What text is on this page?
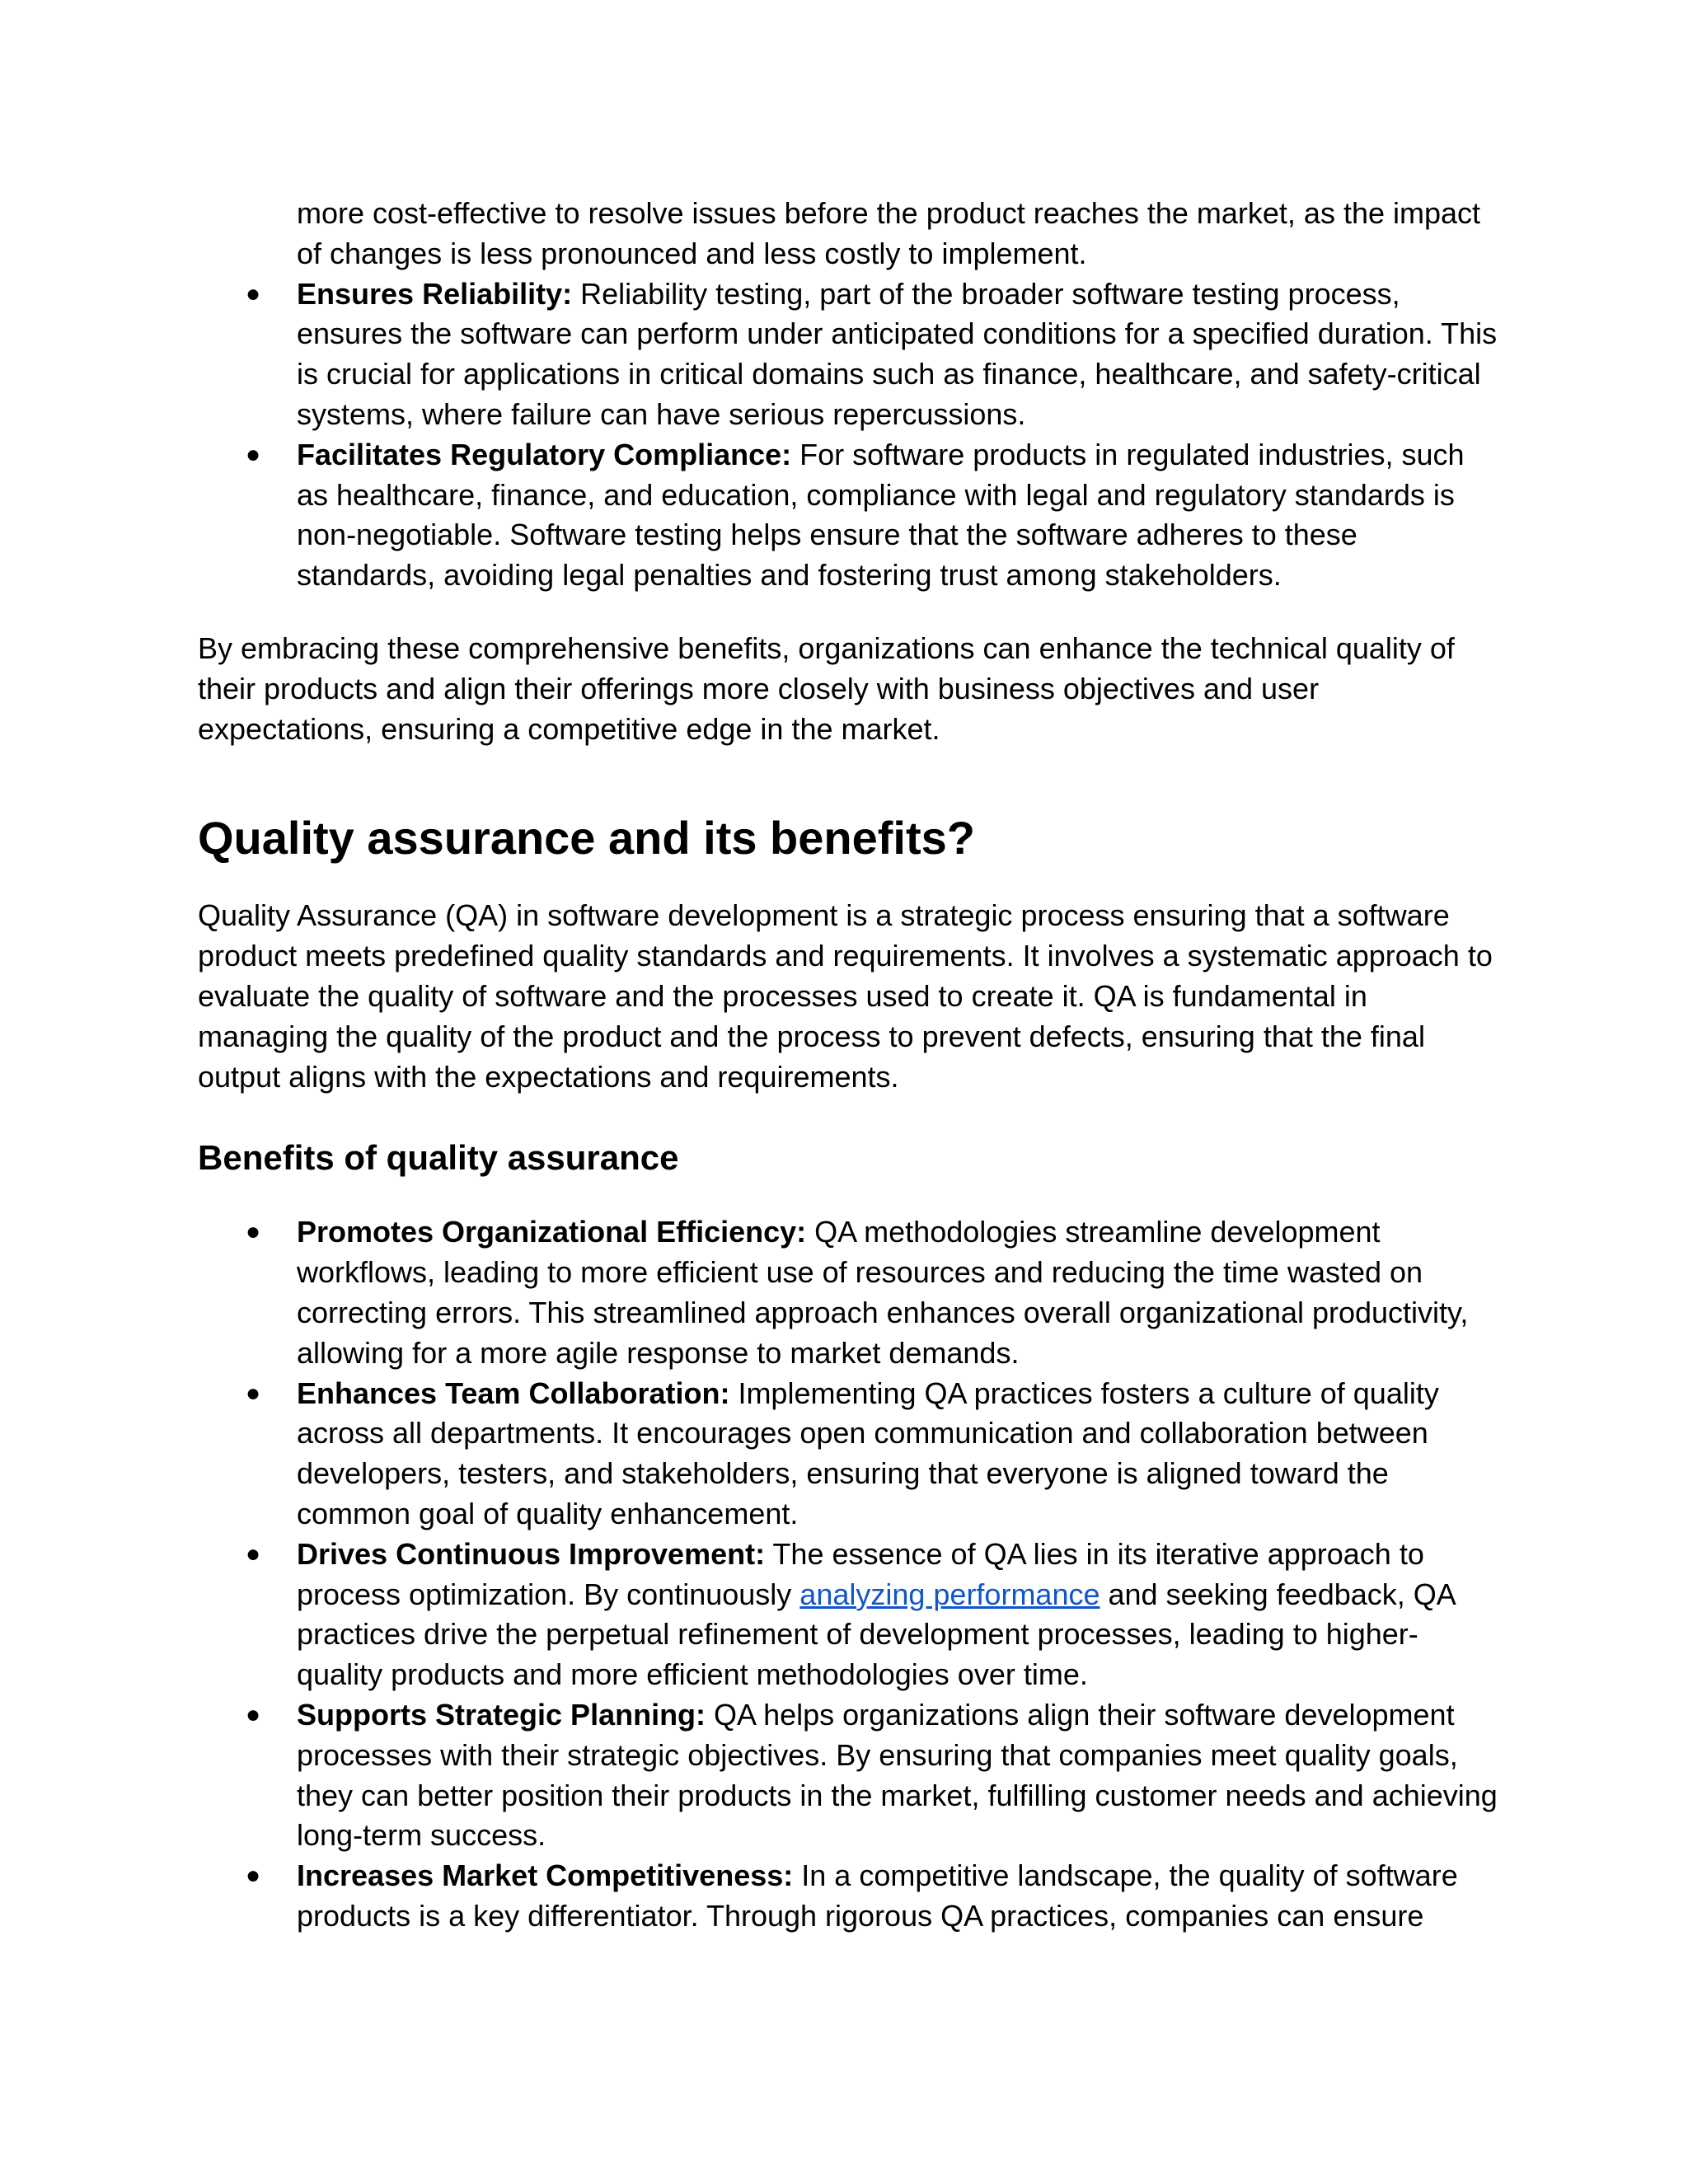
more cost-effective to resolve issues before the product reaches the market, as the impact of changes is less pronounced and less costly to implement.
● Ensures Reliability: Reliability testing, part of the broader software testing process, ensures the software can perform under anticipated conditions for a specified duration. This is crucial for applications in critical domains such as finance, healthcare, and safety-critical systems, where failure can have serious repercussions.
● Facilitates Regulatory Compliance: For software products in regulated industries, such as healthcare, finance, and education, compliance with legal and regulatory standards is non-negotiable. Software testing helps ensure that the software adheres to these standards, avoiding legal penalties and fostering trust among stakeholders.

By embracing these comprehensive benefits, organizations can enhance the technical quality of their products and align their offerings more closely with business objectives and user expectations, ensuring a competitive edge in the market.

Quality assurance and its benefits?

Quality Assurance (QA) in software development is a strategic process ensuring that a software product meets predefined quality standards and requirements. It involves a systematic approach to evaluate the quality of software and the processes used to create it. QA is fundamental in managing the quality of the product and the process to prevent defects, ensuring that the final output aligns with the expectations and requirements.

Benefits of quality assurance
● Promotes Organizational Efficiency: QA methodologies streamline development workflows, leading to more efficient use of resources and reducing the time wasted on correcting errors. This streamlined approach enhances overall organizational productivity, allowing for a more agile response to market demands.
● Enhances Team Collaboration: Implementing QA practices fosters a culture of quality across all departments. It encourages open communication and collaboration between developers, testers, and stakeholders, ensuring that everyone is aligned toward the common goal of quality enhancement.
● Drives Continuous Improvement: The essence of QA lies in its iterative approach to process optimization. By continuously analyzing performance and seeking feedback, QA practices drive the perpetual refinement of development processes, leading to higher-quality products and more efficient methodologies over time.
● Supports Strategic Planning: QA helps organizations align their software development processes with their strategic objectives. By ensuring that companies meet quality goals, they can better position their products in the market, fulfilling customer needs and achieving long-term success.
● Increases Market Competitiveness: In a competitive landscape, the quality of software products is a key differentiator. Through rigorous QA practices, companies can ensure
